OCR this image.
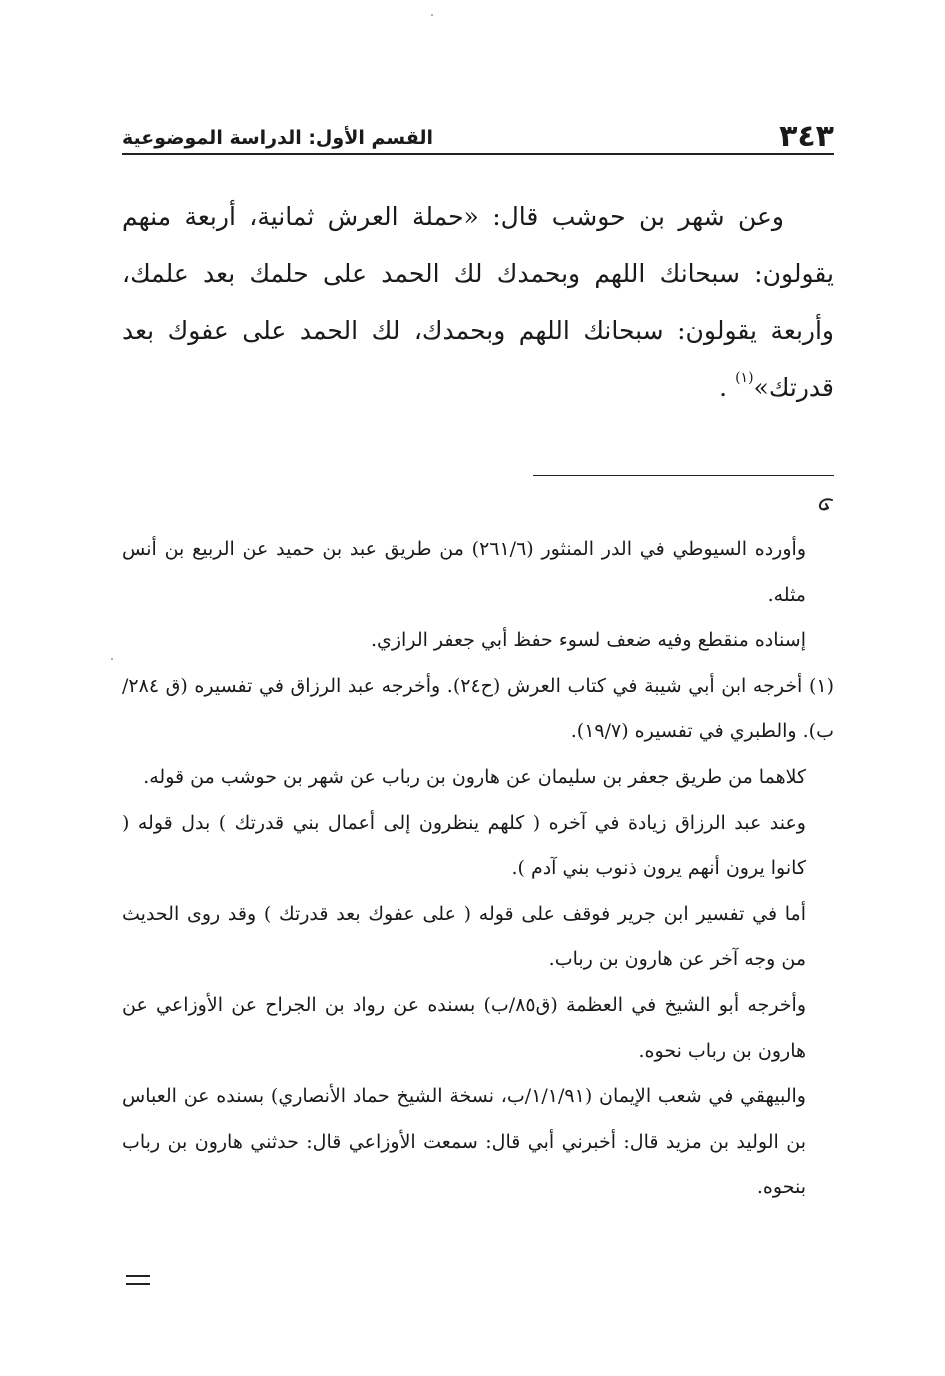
٣٤٣
القسم الأول: الدراسة الموضوعية

وعن شهر بن حوشب قال: «حملة العرش ثمانية، أربعة منهم يقولون: سبحانك اللهم وبحمدك لك الحمد على حلمك بعد علمك، وأربعة يقولون: سبحانك اللهم وبحمدك، لك الحمد على عفوك بعد قدرتك»$^{(١)}$ .

وأورده السيوطي في الدر المنثور (٢٦١/٦) من طريق عبد بن حميد عن الربيع بن أنس مثله.

إسناده منقطع وفيه ضعف لسوء حفظ أبي جعفر الرازي.

(١) أخرجه ابن أبي شيبة في كتاب العرش (ح٢٤). وأخرجه عبد الرزاق في تفسيره (ق ٢٨٤/ب). والطبري في تفسيره (١٩/٧).

كلاهما من طريق جعفر بن سليمان عن هارون بن رباب عن شهر بن حوشب من قوله.

وعند عبد الرزاق زيادة في آخره ( كلهم ينظرون إلى أعمال بني قدرتك ) بدل قوله ( كانوا يرون أنهم يرون ذنوب بني آدم ).

أما في تفسير ابن جرير فوقف على قوله ( على عفوك بعد قدرتك ) وقد روى الحديث من وجه آخر عن هارون بن رباب.

وأخرجه أبو الشيخ في العظمة (ق٨٥/ب) بسنده عن رواد بن الجراح عن الأوزاعي عن هارون بن رباب نحوه.

والبيهقي في شعب الإيمان (١/١/٩١/ب، نسخة الشيخ حماد الأنصاري) بسنده عن العباس بن الوليد بن مزيد قال: أخبرني أبي قال: سمعت الأوزاعي قال: حدثني هارون بن رباب بنحوه.
